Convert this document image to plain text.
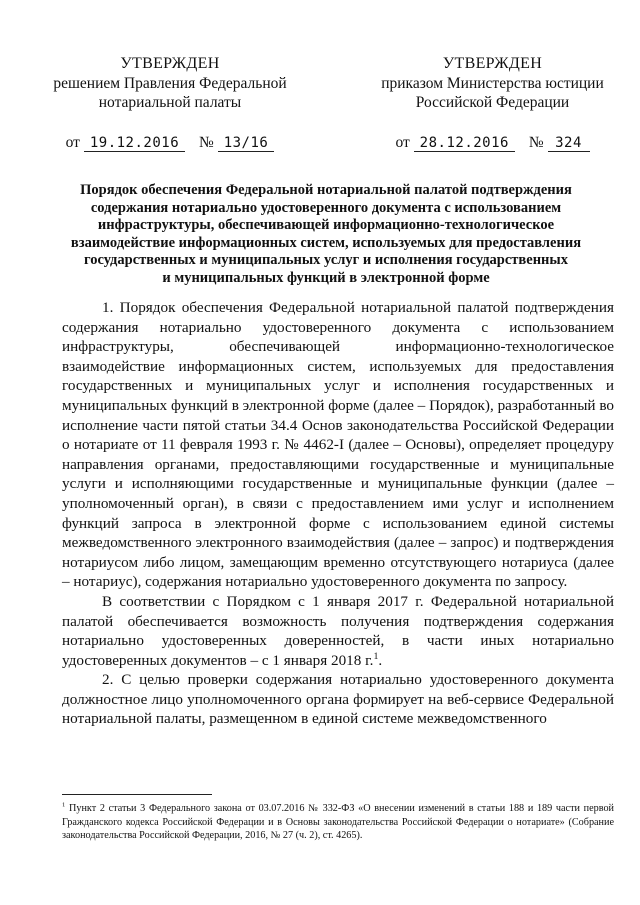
УТВЕРЖДЕН
решением Правления Федеральной
нотариальной палаты
от 19.12.2016 № 13/16
УТВЕРЖДЕН
приказом Министерства юстиции
Российской Федерации
от 28.12.2016 № 324
Порядок обеспечения Федеральной нотариальной палатой подтверждения
содержания нотариально удостоверенного документа с использованием
инфраструктуры, обеспечивающей информационно-технологическое
взаимодействие информационных систем, используемых для предоставления
государственных и муниципальных услуг и исполнения государственных
и муниципальных функций в электронной форме

1. Порядок обеспечения Федеральной нотариальной палатой подтверждения содержания нотариально удостоверенного документа с использованием инфраструктуры, обеспечивающей информационно-технологическое взаимодействие информационных систем, используемых для предоставления государственных и муниципальных услуг и исполнения государственных и муниципальных функций в электронной форме (далее – Порядок), разработанный во исполнение части пятой статьи 34.4 Основ законодательства Российской Федерации о нотариате от 11 февраля 1993 г. № 4462-I (далее – Основы), определяет процедуру направления органами, предоставляющими государственные и муниципальные услуги и исполняющими государственные и муниципальные функции (далее – уполномоченный орган), в связи с предоставлением ими услуг и исполнением функций запроса в электронной форме с использованием единой системы межведомственного электронного взаимодействия (далее – запрос) и подтверждения нотариусом либо лицом, замещающим временно отсутствующего нотариуса (далее – нотариус), содержания нотариально удостоверенного документа по запросу.

В соответствии с Порядком с 1 января 2017 г. Федеральной нотариальной палатой обеспечивается возможность получения подтверждения содержания нотариально удостоверенных доверенностей, в части иных нотариально удостоверенных документов – с 1 января 2018 г.$^1$.

2. С целью проверки содержания нотариально удостоверенного документа должностное лицо уполномоченного органа формирует на веб-сервисе Федеральной нотариальной палаты, размещенном в единой системе межведомственного

$^1$ Пункт 2 статьи 3 Федерального закона от 03.07.2016 № 332-ФЗ «О внесении изменений в статьи 188 и 189 части первой Гражданского кодекса Российской Федерации и в Основы законодательства Российской Федерации о нотариате» (Собрание законодательства Российской Федерации, 2016, № 27 (ч. 2), ст. 4265).
